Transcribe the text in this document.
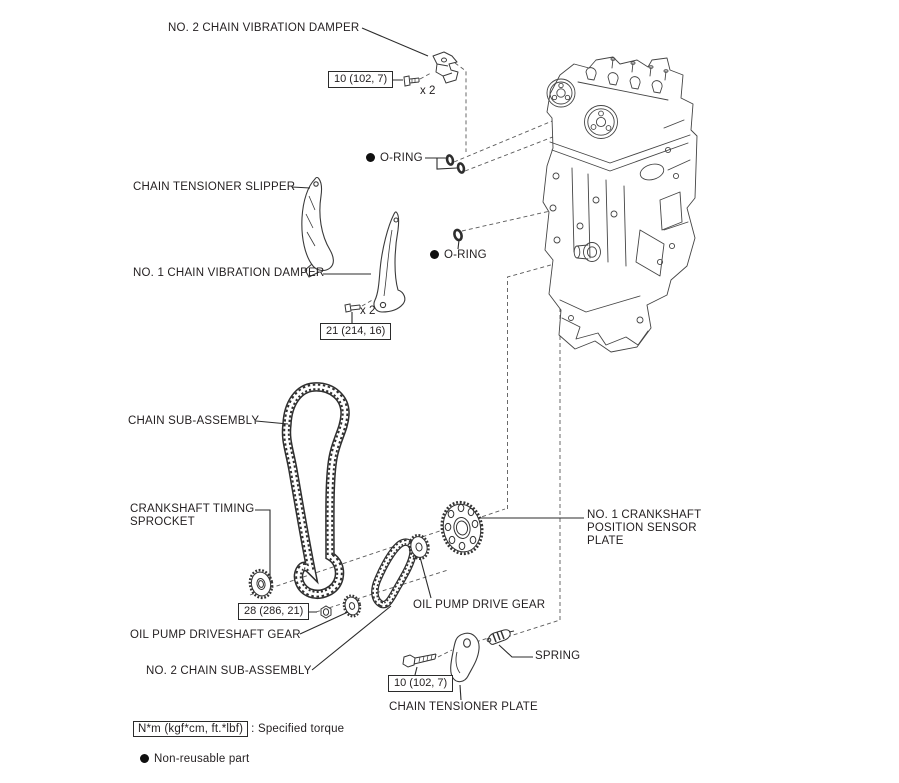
NO. 2 CHAIN VIBRATION DAMPER
10 (102, 7)
x 2
O-RING
CHAIN TENSIONER SLIPPER
O-RING
NO. 1 CHAIN VIBRATION DAMPER
x 2
21 (214, 16)
CHAIN SUB-ASSEMBLY
CRANKSHAFT TIMING SPROCKET
NO. 1 CRANKSHAFT POSITION SENSOR PLATE
28 (286, 21)	OIL PUMP DRIVE GEAR
OIL PUMP DRIVESHAFT GEAR
NO. 2 CHAIN SUB-ASSEMBLY
10 (102, 7)
SPRING
CHAIN TENSIONER PLATE
N*m (kgf*cm, ft.*lbf) : Specified torque
Non-reusable part
